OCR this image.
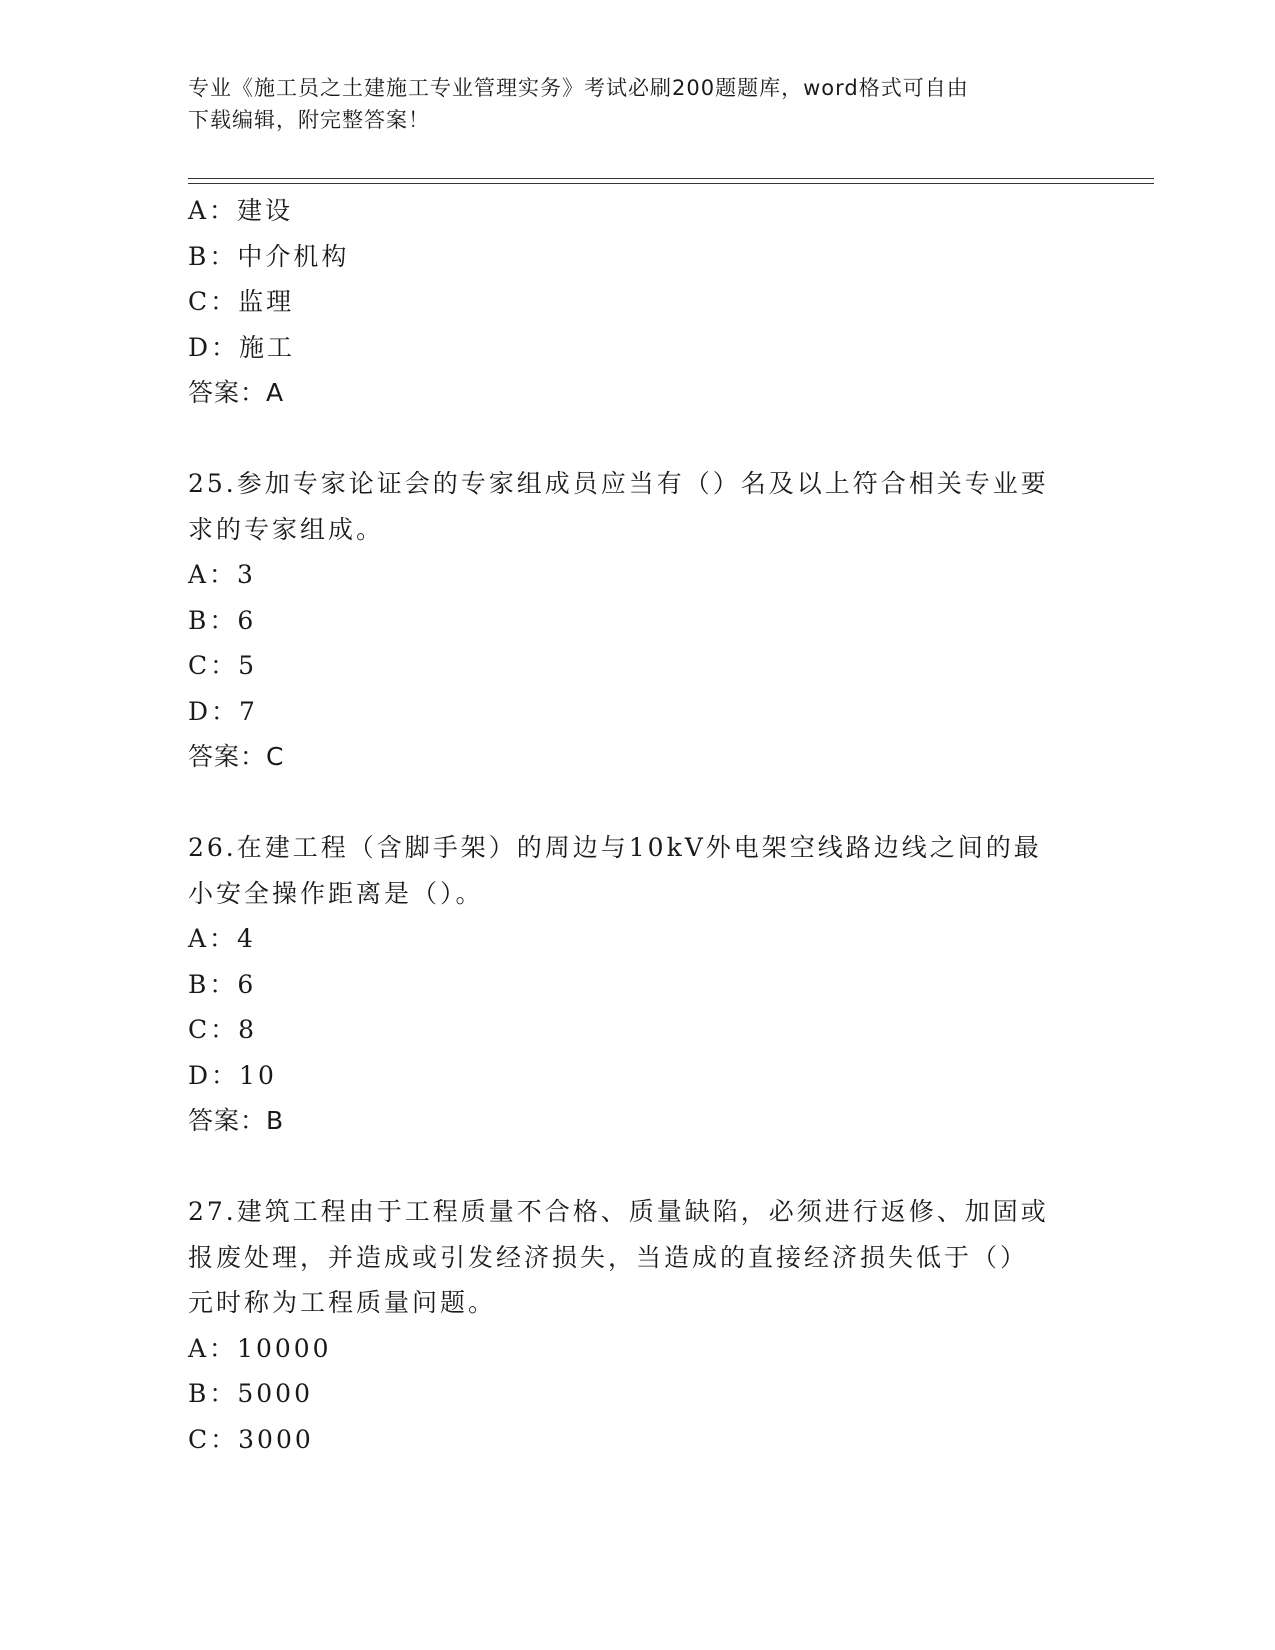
专业《施工员之土建施工专业管理实务》考试必刷200题题库，word格式可自由
下载编辑，附完整答案！
A：建设
B：中介机构
C：监理
D：施工
答案：A
25.参加专家论证会的专家组成员应当有（）名及以上符合相关专业要
求的专家组成。
A：3
B：6
C：5
D：7
答案：C
26.在建工程（含脚手架）的周边与10kV外电架空线路边线之间的最
小安全操作距离是（）。
A：4
B：6
C：8
D：10
答案：B
27.建筑工程由于工程质量不合格、质量缺陷，必须进行返修、加固或
报废处理，并造成或引发经济损失，当造成的直接经济损失低于（）
元时称为工程质量问题。
A：10000
B：5000
C：3000
